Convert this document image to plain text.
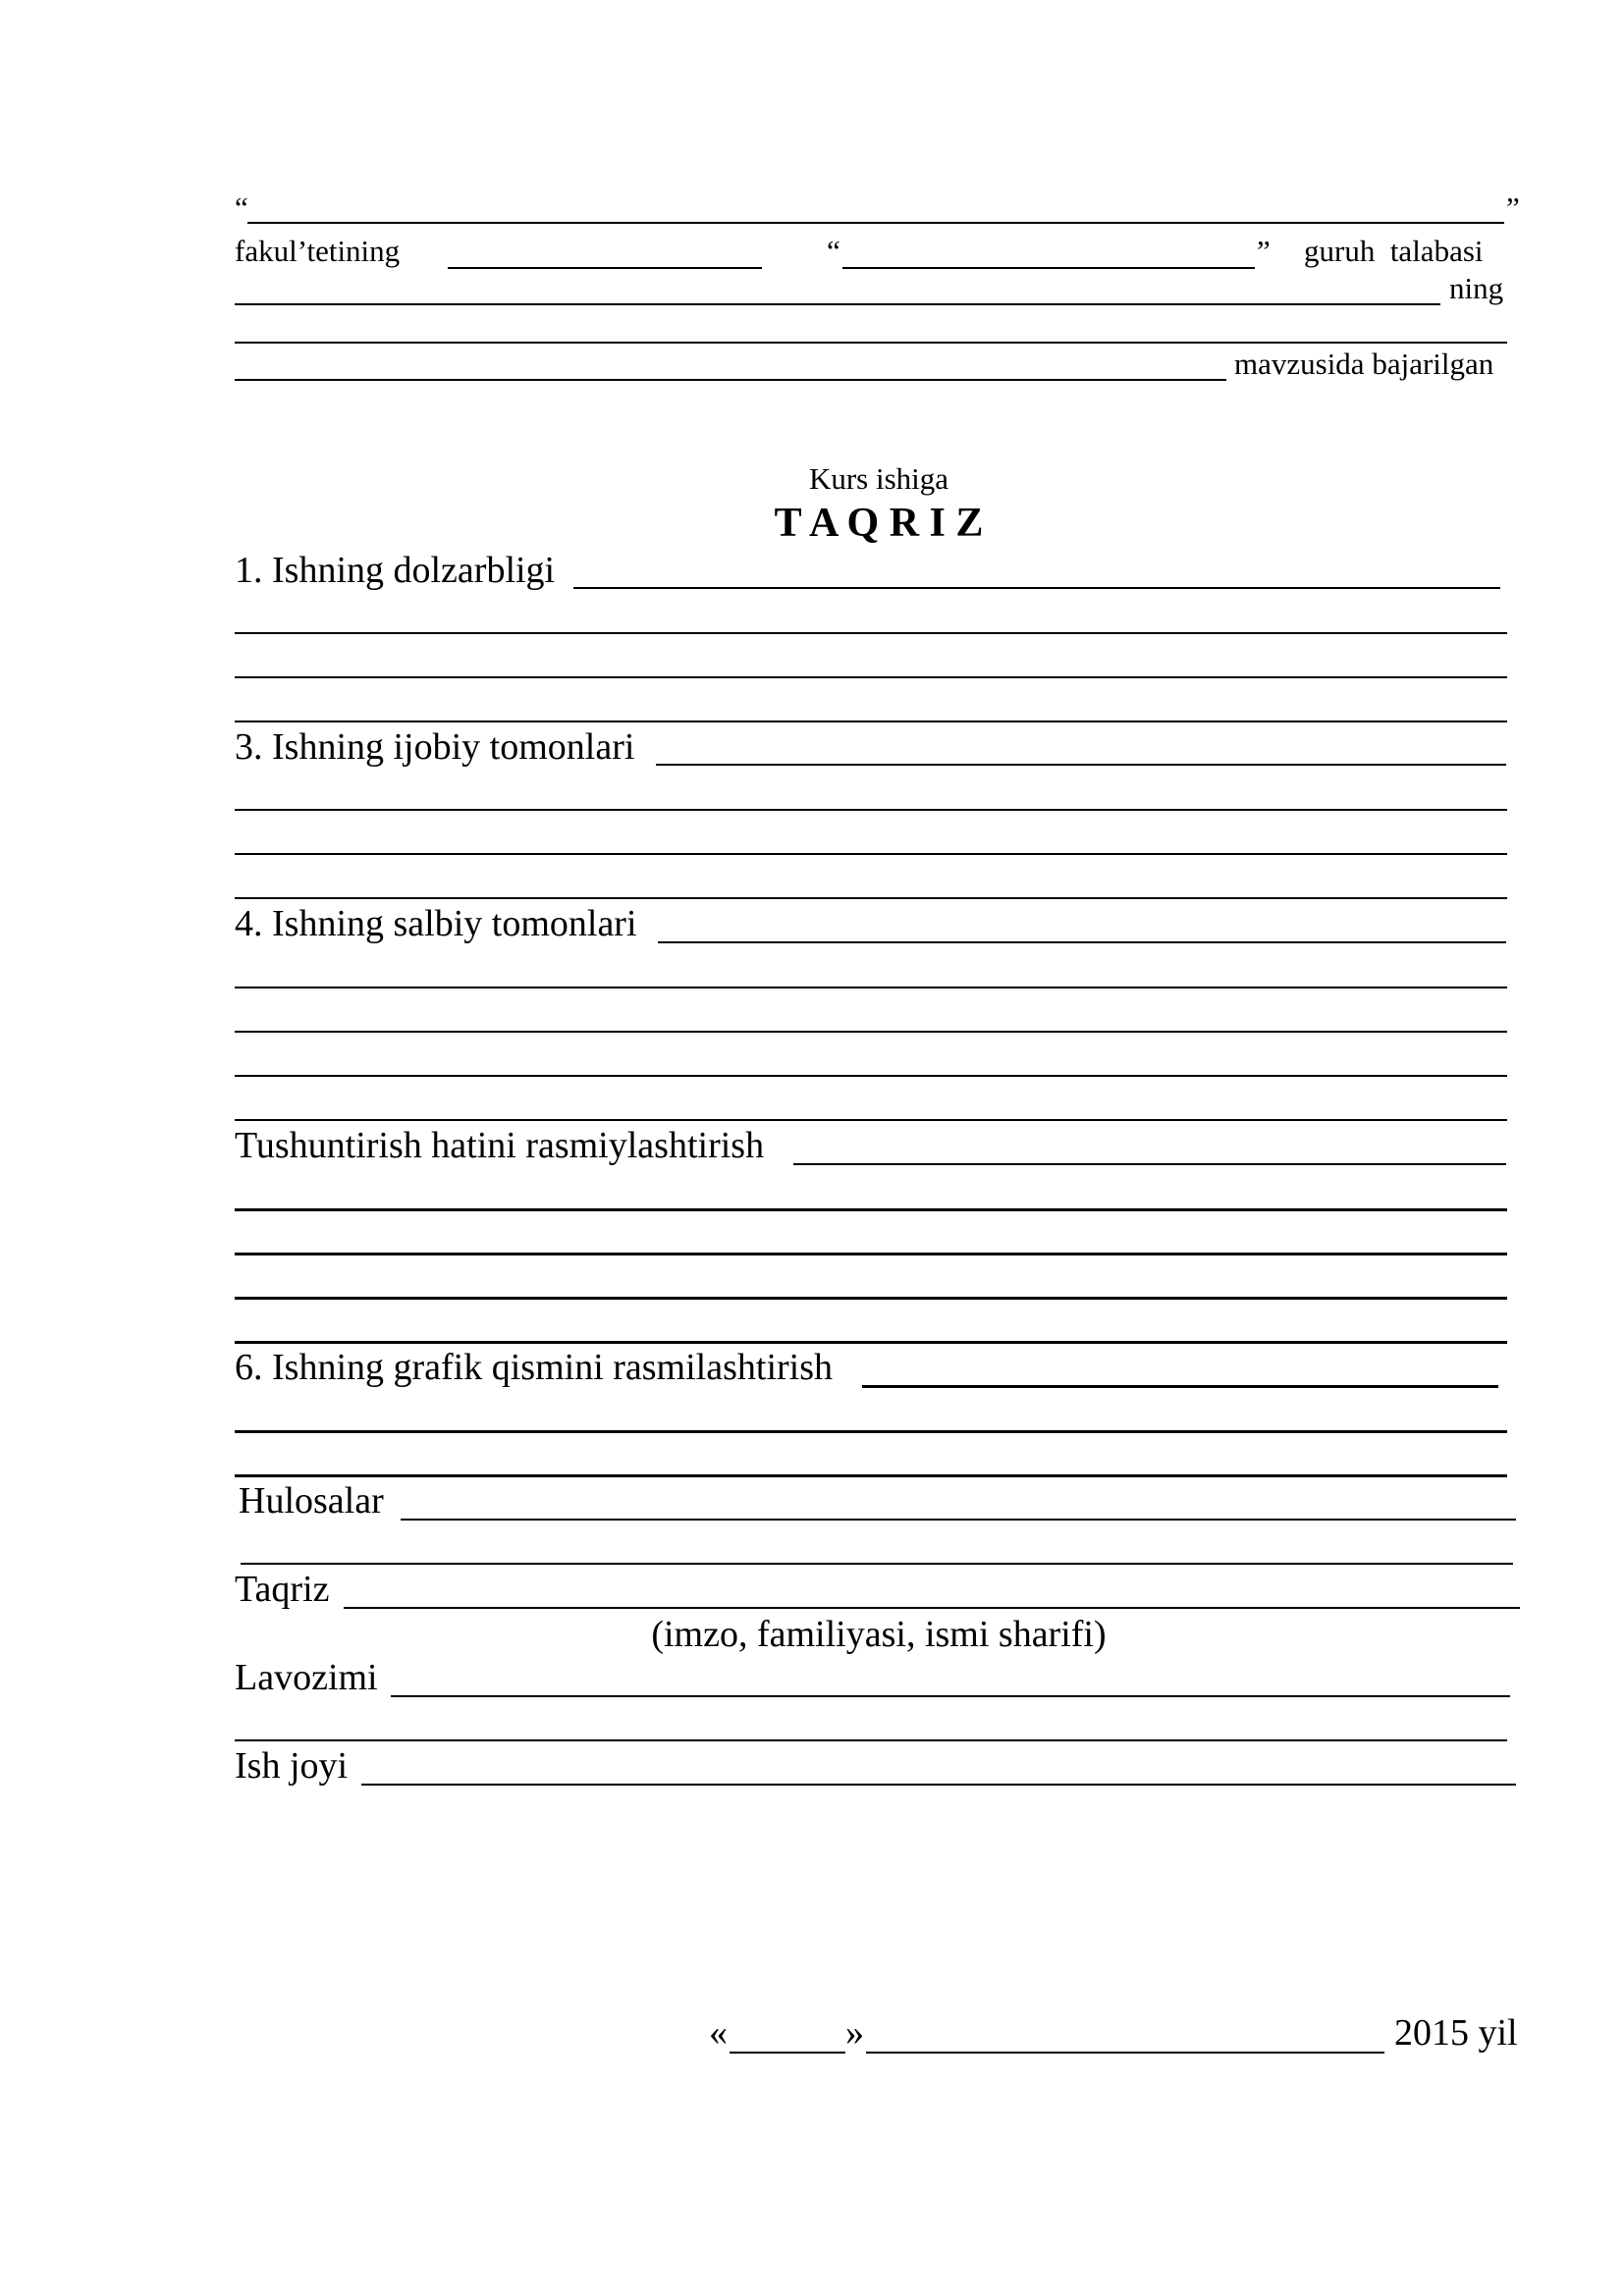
“	”
fakul’tetining	“	” guruh  talabasi
ning
mavzusida bajarilgan
Kurs ishiga
T A Q R I Z
1. Ishning dolzarbligi
3. Ishning ijobiy tomonlari
4. Ishning salbiy tomonlari
Tushuntirish hatini rasmiylashtirish
6. Ishning grafik qismini rasmilashtirish
Hulosalar
Taqriz
(imzo, familiyasi, ismi sharifi)
Lavozimi
Ish joyi
«	»	2015 yil
